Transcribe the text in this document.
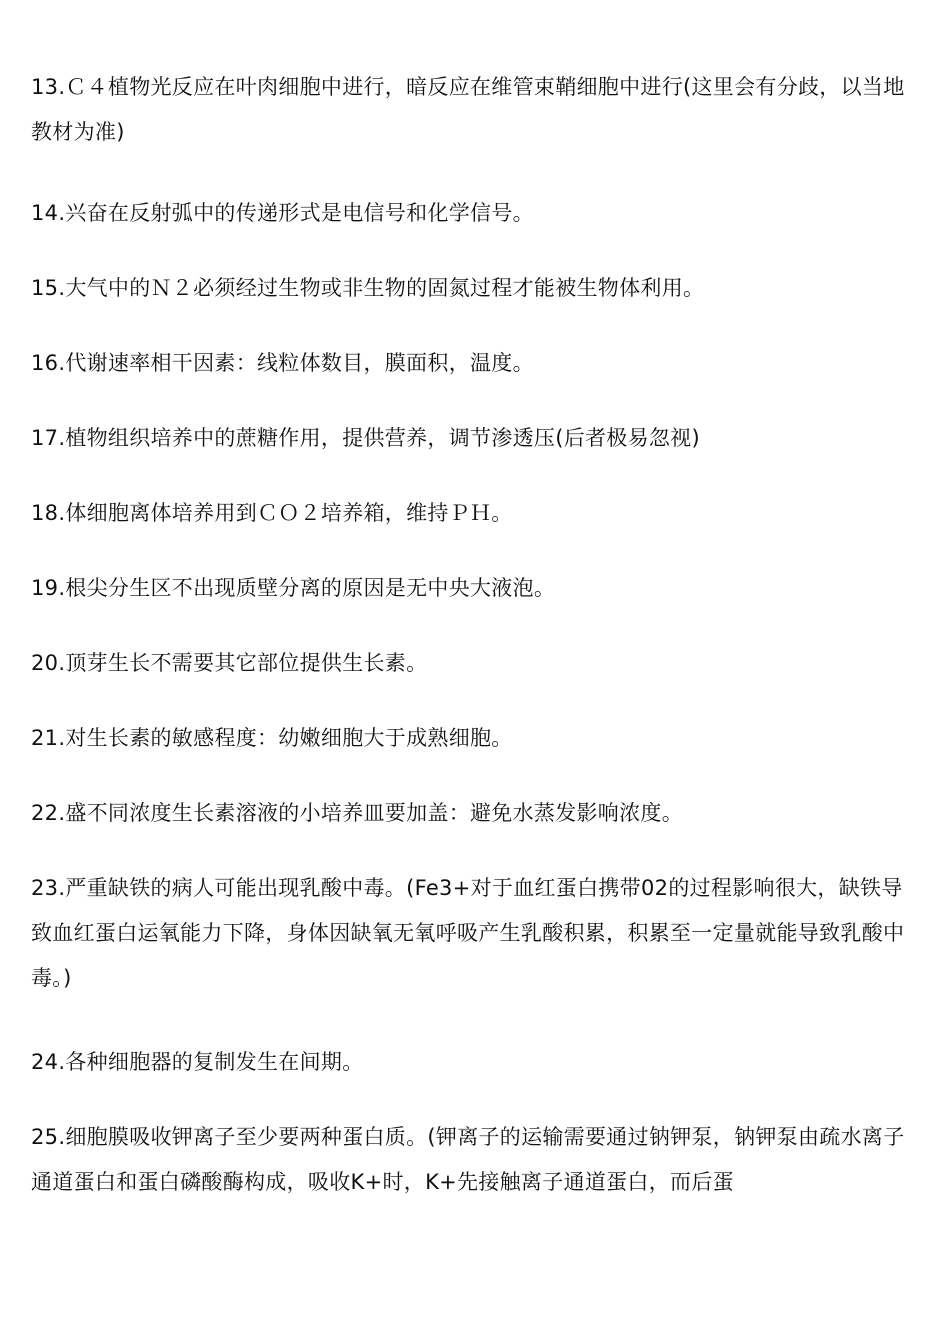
13.Ｃ４植物光反应在叶肉细胞中进行，暗反应在维管束鞘细胞中进行(这里会有分歧，以当地教材为准)

14.兴奋在反射弧中的传递形式是电信号和化学信号。

15.大气中的Ｎ２必须经过生物或非生物的固氮过程才能被生物体利用。

16.代谢速率相干因素：线粒体数目，膜面积，温度。

17.植物组织培养中的蔗糖作用，提供营养，调节渗透压(后者极易忽视)

18.体细胞离体培养用到ＣＯ２培养箱，维持ＰＨ。

19.根尖分生区不出现质壁分离的原因是无中央大液泡。

20.顶芽生长不需要其它部位提供生长素。

21.对生长素的敏感程度：幼嫩细胞大于成熟细胞。

22.盛不同浓度生长素溶液的小培养皿要加盖：避免水蒸发影响浓度。

23.严重缺铁的病人可能出现乳酸中毒。(Fe3+对于血红蛋白携带02的过程影响很大，缺铁导致血红蛋白运氧能力下降，身体因缺氧无氧呼吸产生乳酸积累，积累至一定量就能导致乳酸中毒。)

24.各种细胞器的复制发生在间期。

25.细胞膜吸收钾离子至少要两种蛋白质。(钾离子的运输需要通过钠钾泵，钠钾泵由疏水离子通道蛋白和蛋白磷酸酶构成，吸收K+时，K+先接触离子通道蛋白，而后蛋
